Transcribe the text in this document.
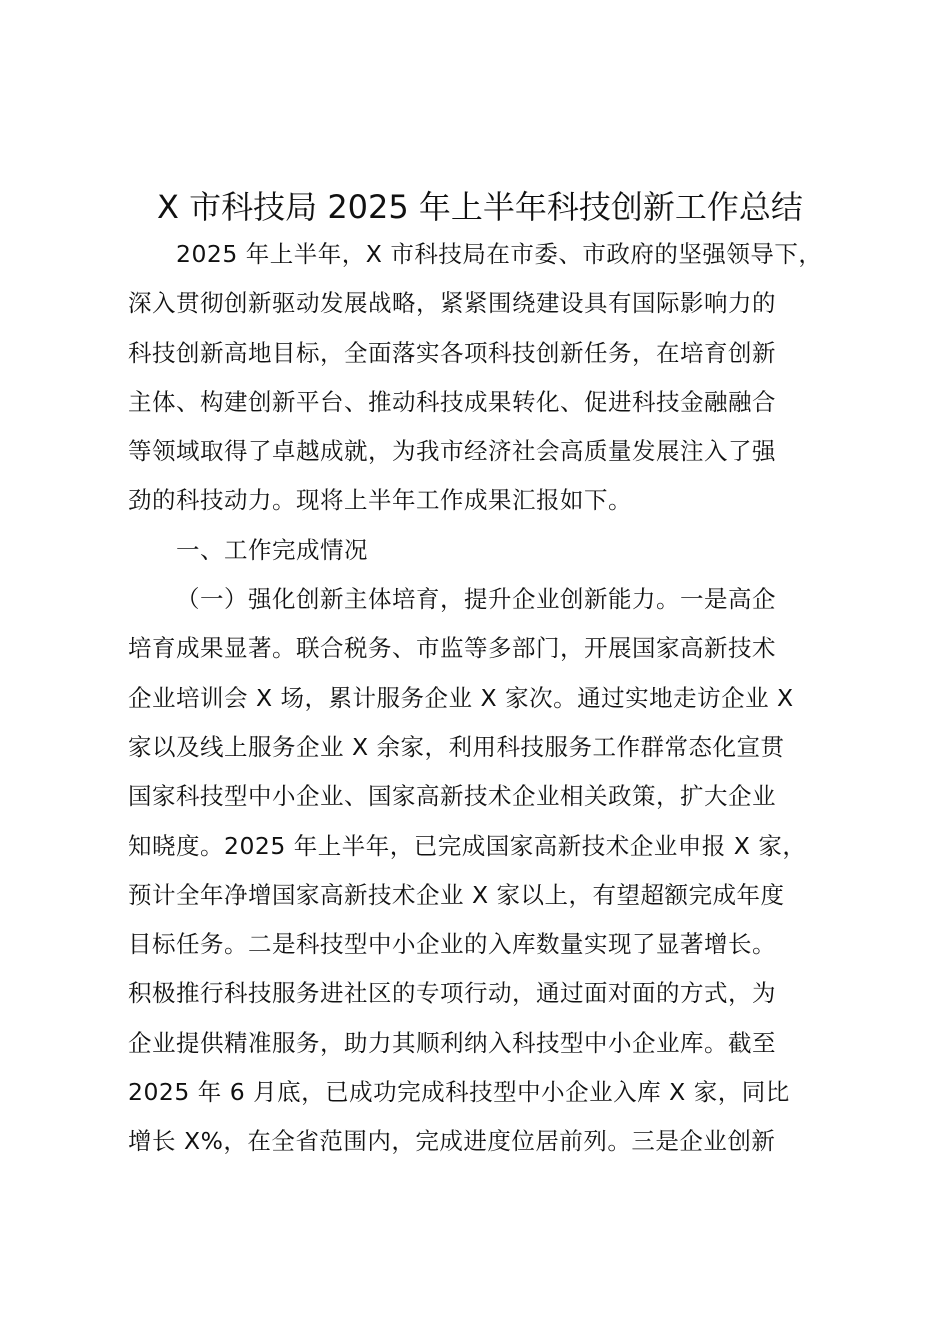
X 市科技局 2025 年上半年科技创新工作总结
2025 年上半年，X 市科技局在市委、市政府的坚强领导下，
深入贯彻创新驱动发展战略，紧紧围绕建设具有国际影响力的
科技创新高地目标，全面落实各项科技创新任务，在培育创新
主体、构建创新平台、推动科技成果转化、促进科技金融融合
等领域取得了卓越成就，为我市经济社会高质量发展注入了强
劲的科技动力。现将上半年工作成果汇报如下。
一、工作完成情况
（一）强化创新主体培育，提升企业创新能力。一是高企
培育成果显著。联合税务、市监等多部门，开展国家高新技术
企业培训会 X 场，累计服务企业 X 家次。通过实地走访企业 X
家以及线上服务企业 X 余家，利用科技服务工作群常态化宣贯
国家科技型中小企业、国家高新技术企业相关政策，扩大企业
知晓度。2025 年上半年，已完成国家高新技术企业申报 X 家，
预计全年净增国家高新技术企业 X 家以上，有望超额完成年度
目标任务。二是科技型中小企业的入库数量实现了显著增长。
积极推行科技服务进社区的专项行动，通过面对面的方式，为
企业提供精准服务，助力其顺利纳入科技型中小企业库。截至
2025 年 6 月底，已成功完成科技型中小企业入库 X 家，同比
增长 X%，在全省范围内，完成进度位居前列。三是企业创新
